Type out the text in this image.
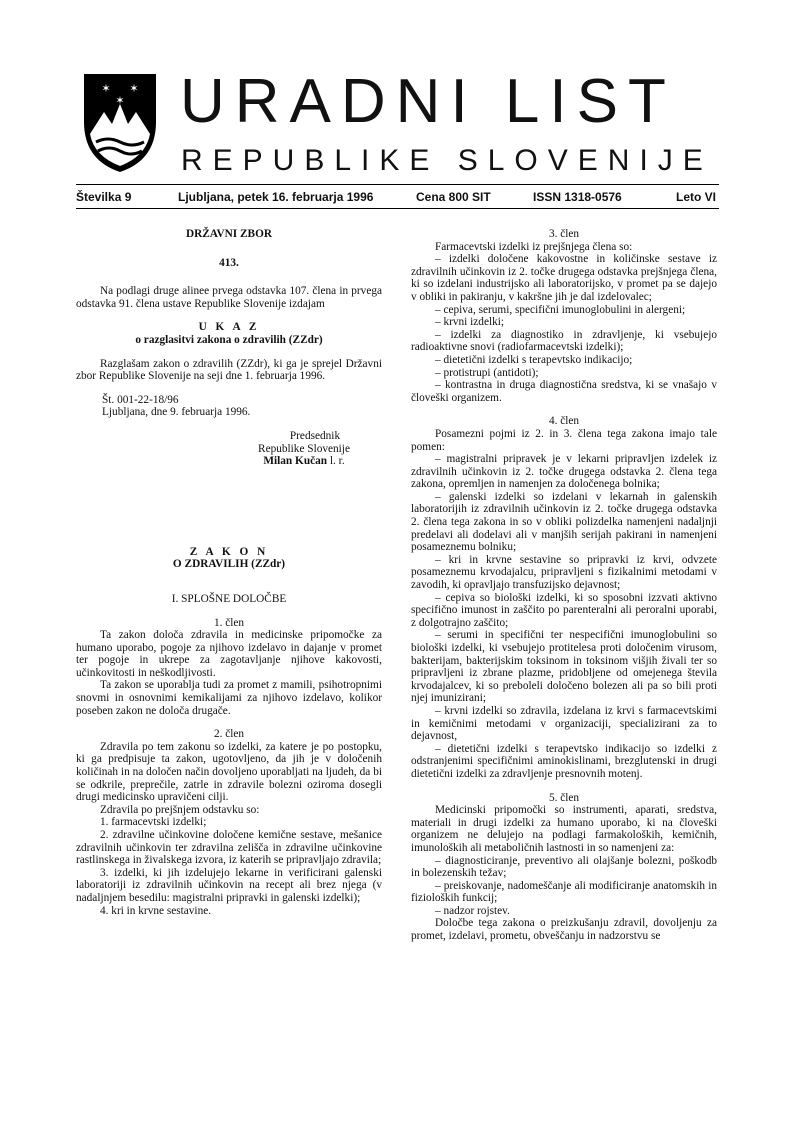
✶ ✶
✶ URADNI LIST
REPUBLIKE SLOVENIJE
Številka 9	Ljubljana, petek 16. februarja 1996	Cena 800 SIT	ISSN 1318-0576	Leto VI
DRŽAVNI ZBOR
413.

Na podlagi druge alinee prvega odstavka 107. člena in prvega odstavka 91. člena ustave Republike Slovenije izdajam

U K A Z
o razglasitvi zakona o zdravilih (ZZdr)

Razglašam zakon o zdravilih (ZZdr), ki ga je sprejel Državni zbor Republike Slovenije na seji dne 1. februarja 1996.

Št. 001-22-18/96

Ljubljana, dne 9. februarja 1996.

Predsednik
Republike Slovenije
Milan Kučan l. r.
Z A K O N
O ZDRAVILIH (ZZdr)
I. SPLOŠNE DOLOČBE
1. člen

Ta zakon določa zdravila in medicinske pripomočke za humano uporabo, pogoje za njihovo izdelavo in dajanje v promet ter pogoje in ukrepe za zagotavljanje njihove kakovosti, učinkovitosti in neškodljivosti.

Ta zakon se uporablja tudi za promet z mamili, psihotropnimi snovmi in osnovnimi kemikalijami za njihovo izdelavo, kolikor poseben zakon ne določa drugače.

2. člen

Zdravila po tem zakonu so izdelki, za katere je po postopku, ki ga predpisuje ta zakon, ugotovljeno, da jih je v določenih količinah in na določen način dovoljeno uporabljati na ljudeh, da bi se odkrile, preprečile, zatrle in zdravile bolezni oziroma dosegli drugi medicinsko upravičeni cilji.

Zdravila po prejšnjem odstavku so:

1. farmacevtski izdelki;

2. zdravilne učinkovine določene kemične sestave, mešanice zdravilnih učinkovin ter zdravilna zelišča in zdravilne učinkovine rastlinskega in živalskega izvora, iz katerih se pripravljajo zdravila;

3. izdelki, ki jih izdelujejo lekarne in verificirani galenski laboratoriji iz zdravilnih učinkovin na recept ali brez njega (v nadaljnjem besedilu: magistralni pripravki in galenski izdelki);

4. kri in krvne sestavine.

3. člen

Farmacevtski izdelki iz prejšnjega člena so:

– izdelki določene kakovostne in količinske sestave iz zdravilnih učinkovin iz 2. točke drugega odstavka prejšnjega člena, ki so izdelani industrijsko ali laboratorijsko, v promet pa se dajejo v obliki in pakiranju, v kakršne jih je dal izdelovalec;

– cepiva, serumi, specifični imunoglobulini in alergeni;

– krvni izdelki;

– izdelki za diagnostiko in zdravljenje, ki vsebujejo radioaktivne snovi (radiofarmacevtski izdelki);

– dietetični izdelki s terapevtsko indikacijo;

– protistrupi (antidoti);

– kontrastna in druga diagnostična sredstva, ki se vnašajo v človeški organizem.

4. člen

Posamezni pojmi iz 2. in 3. člena tega zakona imajo tale pomen:

– magistralni pripravek je v lekarni pripravljen izdelek iz zdravilnih učinkovin iz 2. točke drugega odstavka 2. člena tega zakona, opremljen in namenjen za določenega bolnika;

– galenski izdelki so izdelani v lekarnah in galenskih laboratorijih iz zdravilnih učinkovin iz 2. točke drugega odstavka 2. člena tega zakona in so v obliki polizdelka namenjeni nadaljnji predelavi ali dodelavi ali v manjših serijah pakirani in namenjeni posameznemu bolniku;

– kri in krvne sestavine so pripravki iz krvi, odvzete posameznemu krvodajalcu, pripravljeni s fizikalnimi metodami v zavodih, ki opravljajo transfuzijsko dejavnost;

– cepiva so biološki izdelki, ki so sposobni izzvati aktivno specifično imunost in zaščito po parenteralni ali peroralni uporabi, z dolgotrajno zaščito;

– serumi in specifični ter nespecifični imunoglobulini so biološki izdelki, ki vsebujejo protitelesa proti določenim virusom, bakterijam, bakterijskim toksinom in toksinom višjih živali ter so pripravljeni iz zbrane plazme, pridobljene od omejenega števila krvodajalcev, ki so preboleli določeno bolezen ali pa so bili proti njej imunizirani;

– krvni izdelki so zdravila, izdelana iz krvi s farmacevtskimi in kemičnimi metodami v organizaciji, specializirani za to dejavnost,

– dietetični izdelki s terapevtsko indikacijo so izdelki z odstranjenimi specifičnimi aminokislinami, brezglutenski in drugi dietetični izdelki za zdravljenje presnovnih motenj.

5. člen

Medicinski pripomočki so instrumenti, aparati, sredstva, materiali in drugi izdelki za humano uporabo, ki na človeški organizem ne delujejo na podlagi farmakoloških, kemičnih, imunoloških ali metaboličnih lastnosti in so namenjeni za:

– diagnosticiranje, preventivo ali olajšanje bolezni, poškodb in bolezenskih težav;

– preiskovanje, nadomeščanje ali modificiranje anatomskih in fizioloških funkcij;

– nadzor rojstev.

Določbe tega zakona o preizkušanju zdravil, dovoljenju za promet, izdelavi, prometu, obveščanju in nadzorstvu se
